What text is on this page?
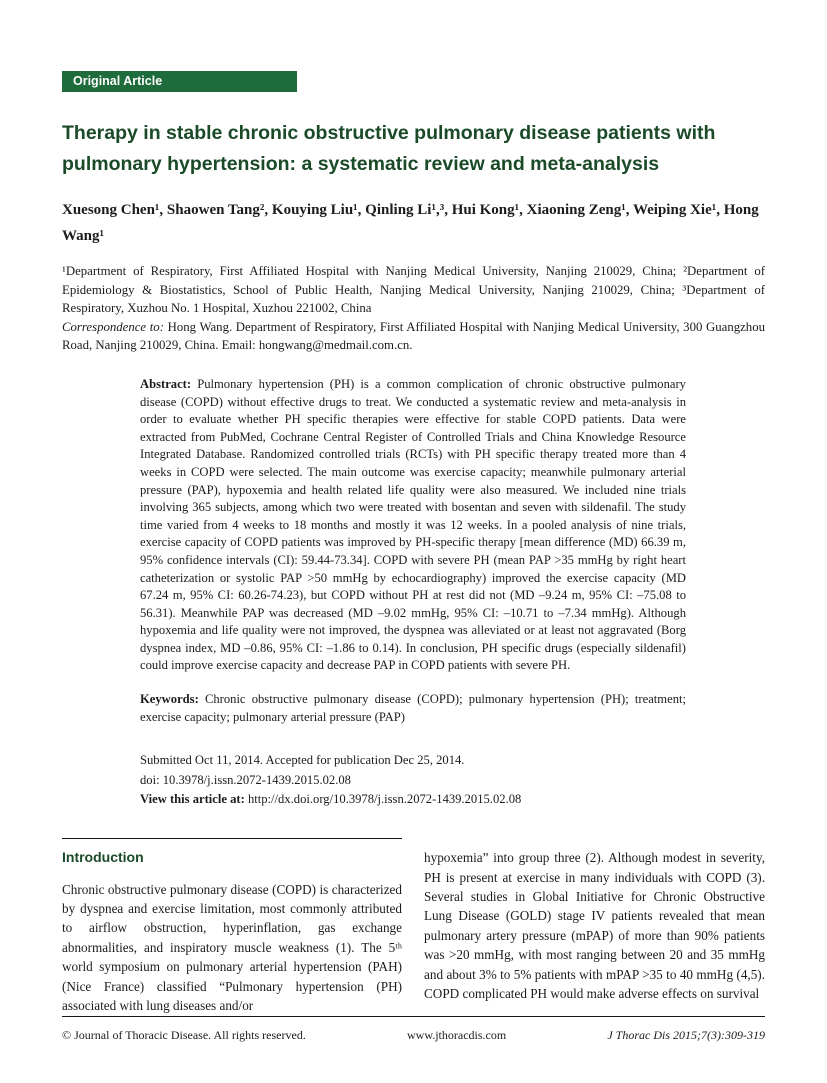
Original Article
Therapy in stable chronic obstructive pulmonary disease patients with pulmonary hypertension: a systematic review and meta-analysis
Xuesong Chen¹, Shaowen Tang², Kouying Liu¹, Qinling Li¹,³, Hui Kong¹, Xiaoning Zeng¹, Weiping Xie¹, Hong Wang¹

¹Department of Respiratory, First Affiliated Hospital with Nanjing Medical University, Nanjing 210029, China; ²Department of Epidemiology & Biostatistics, School of Public Health, Nanjing Medical University, Nanjing 210029, China; ³Department of Respiratory, Xuzhou No. 1 Hospital, Xuzhou 221002, China

Correspondence to: Hong Wang. Department of Respiratory, First Affiliated Hospital with Nanjing Medical University, 300 Guangzhou Road, Nanjing 210029, China. Email: hongwang@medmail.com.cn.

Abstract: Pulmonary hypertension (PH) is a common complication of chronic obstructive pulmonary disease (COPD) without effective drugs to treat. We conducted a systematic review and meta-analysis in order to evaluate whether PH specific therapies were effective for stable COPD patients. Data were extracted from PubMed, Cochrane Central Register of Controlled Trials and China Knowledge Resource Integrated Database. Randomized controlled trials (RCTs) with PH specific therapy treated more than 4 weeks in COPD were selected. The main outcome was exercise capacity; meanwhile pulmonary arterial pressure (PAP), hypoxemia and health related life quality were also measured. We included nine trials involving 365 subjects, among which two were treated with bosentan and seven with sildenafil. The study time varied from 4 weeks to 18 months and mostly it was 12 weeks. In a pooled analysis of nine trials, exercise capacity of COPD patients was improved by PH-specific therapy [mean difference (MD) 66.39 m, 95% confidence intervals (CI): 59.44-73.34]. COPD with severe PH (mean PAP >35 mmHg by right heart catheterization or systolic PAP >50 mmHg by echocardiography) improved the exercise capacity (MD 67.24 m, 95% CI: 60.26-74.23), but COPD without PH at rest did not (MD –9.24 m, 95% CI: –75.08 to 56.31). Meanwhile PAP was decreased (MD –9.02 mmHg, 95% CI: –10.71 to –7.34 mmHg). Although hypoxemia and life quality were not improved, the dyspnea was alleviated or at least not aggravated (Borg dyspnea index, MD –0.86, 95% CI: –1.86 to 0.14). In conclusion, PH specific drugs (especially sildenafil) could improve exercise capacity and decrease PAP in COPD patients with severe PH.

Keywords: Chronic obstructive pulmonary disease (COPD); pulmonary hypertension (PH); treatment; exercise capacity; pulmonary arterial pressure (PAP)

Submitted Oct 11, 2014. Accepted for publication Dec 25, 2014.
doi: 10.3978/j.issn.2072-1439.2015.02.08
View this article at: http://dx.doi.org/10.3978/j.issn.2072-1439.2015.02.08
Introduction

Chronic obstructive pulmonary disease (COPD) is characterized by dyspnea and exercise limitation, most commonly attributed to airflow obstruction, hyperinflation, gas exchange abnormalities, and inspiratory muscle weakness (1). The 5ᵗʰ world symposium on pulmonary arterial hypertension (PAH) (Nice France) classified “Pulmonary hypertension (PH) associated with lung diseases and/or

hypoxemia” into group three (2). Although modest in severity, PH is present at exercise in many individuals with COPD (3). Several studies in Global Initiative for Chronic Obstructive Lung Disease (GOLD) stage IV patients revealed that mean pulmonary artery pressure (mPAP) of more than 90% patients was >20 mmHg, with most ranging between 20 and 35 mmHg and about 3% to 5% patients with mPAP >35 to 40 mmHg (4,5). COPD complicated PH would make adverse effects on survival

© Journal of Thoracic Disease. All rights reserved.	www.jthoracdis.com	J Thorac Dis 2015;7(3):309-319
